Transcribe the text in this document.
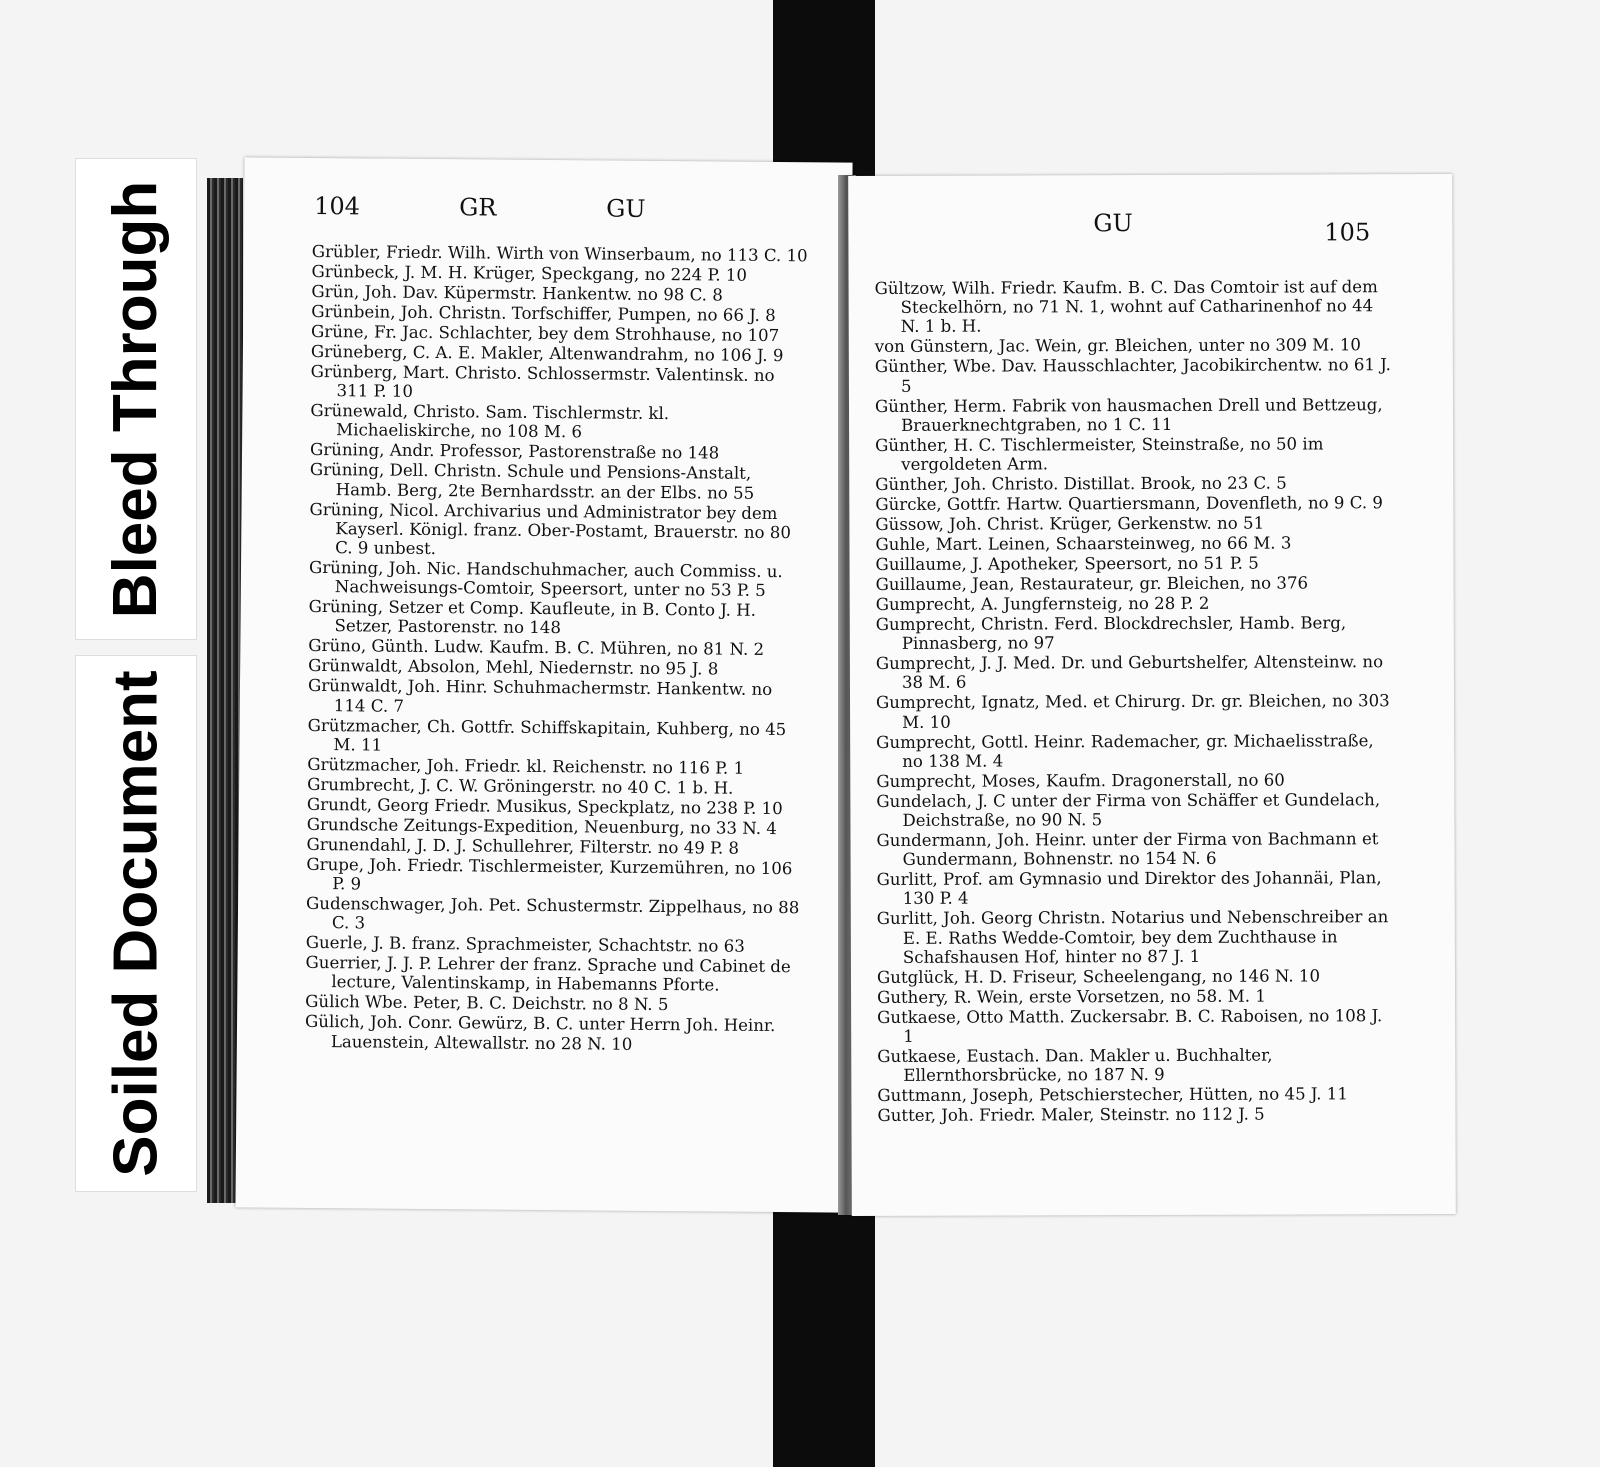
Bleed Through
Soiled Document
104	GR	GU
Grübler, Friedr. Wilh. Wirth von Winserbaum, no 113 C. 10
Grünbeck, J. M. H. Krüger, Speckgang, no 224 P. 10
Grün, Joh. Dav. Küpermstr. Hankentw. no 98 C. 8
Grünbein, Joh. Christn. Torfschiffer, Pumpen, no 66 J. 8
Grüne, Fr. Jac. Schlachter, bey dem Strohhause, no 107
Grüneberg, C. A. E. Makler, Altenwandrahm, no 106 J. 9
Grünberg, Mart. Christo. Schlossermstr. Valentinsk. no 311 P. 10
Grünewald, Christo. Sam. Tischlermstr. kl. Michaeliskirche, no 108 M. 6
Grüning, Andr. Professor, Pastorenstraße no 148
Grüning, Dell. Christn. Schule und Pensions-Anstalt, Hamb. Berg, 2te Bernhardsstr. an der Elbs. no 55
Grüning, Nicol. Archivarius und Administrator bey dem Kayserl. Königl. franz. Ober-Postamt, Brauerstr. no 80 C. 9 unbest.
Grüning, Joh. Nic. Handschuhmacher, auch Commiss. u. Nachweisungs-Comtoir, Speersort, unter no 53 P. 5
Grüning, Setzer et Comp. Kaufleute, in B. Conto J. H. Setzer, Pastorenstr. no 148
Grüno, Günth. Ludw. Kaufm. B. C. Mühren, no 81 N. 2
Grünwaldt, Absolon, Mehl, Niedernstr. no 95 J. 8
Grünwaldt, Joh. Hinr. Schuhmachermstr. Hankentw. no 114 C. 7
Grützmacher, Ch. Gottfr. Schiffskapitain, Kuhberg, no 45 M. 11
Grützmacher, Joh. Friedr. kl. Reichenstr. no 116 P. 1
Grumbrecht, J. C. W. Gröningerstr. no 40 C. 1 b. H.
Grundt, Georg Friedr. Musikus, Speckplatz, no 238 P. 10
Grundsche Zeitungs-Expedition, Neuenburg, no 33 N. 4
Grunendahl, J. D. J. Schullehrer, Filterstr. no 49 P. 8
Grupe, Joh. Friedr. Tischlermeister, Kurzemühren, no 106 P. 9
Gudenschwager, Joh. Pet. Schustermstr. Zippelhaus, no 88 C. 3
Guerle, J. B. franz. Sprachmeister, Schachtstr. no 63
Guerrier, J. J. P. Lehrer der franz. Sprache und Cabinet de lecture, Valentinskamp, in Habemanns Pforte.
Gülich Wbe. Peter, B. C. Deichstr. no 8 N. 5
Gülich, Joh. Conr. Gewürz, B. C. unter Herrn Joh. Heinr. Lauenstein, Altewallstr. no 28 N. 10
GU	105
Gültzow, Wilh. Friedr. Kaufm. B. C. Das Comtoir ist auf dem Steckelhörn, no 71 N. 1, wohnt auf Catharinenhof no 44 N. 1 b. H.
von Günstern, Jac. Wein, gr. Bleichen, unter no 309 M. 10
Günther, Wbe. Dav. Hausschlachter, Jacobikirchentw. no 61 J. 5
Günther, Herm. Fabrik von hausmachen Drell und Bettzeug, Brauerknechtgraben, no 1 C. 11
Günther, H. C. Tischlermeister, Steinstraße, no 50 im vergoldeten Arm.
Günther, Joh. Christo. Distillat. Brook, no 23 C. 5
Gürcke, Gottfr. Hartw. Quartiersmann, Dovenfleth, no 9 C. 9
Güssow, Joh. Christ. Krüger, Gerkenstw. no 51
Guhle, Mart. Leinen, Schaarsteinweg, no 66 M. 3
Guillaume, J. Apotheker, Speersort, no 51 P. 5
Guillaume, Jean, Restaurateur, gr. Bleichen, no 376
Gumprecht, A. Jungfernsteig, no 28 P. 2
Gumprecht, Christn. Ferd. Blockdrechsler, Hamb. Berg, Pinnasberg, no 97
Gumprecht, J. J. Med. Dr. und Geburtshelfer, Altensteinw. no 38 M. 6
Gumprecht, Ignatz, Med. et Chirurg. Dr. gr. Bleichen, no 303 M. 10
Gumprecht, Gottl. Heinr. Rademacher, gr. Michaelisstraße, no 138 M. 4
Gumprecht, Moses, Kaufm. Dragonerstall, no 60
Gundelach, J. C unter der Firma von Schäffer et Gundelach, Deichstraße, no 90 N. 5
Gundermann, Joh. Heinr. unter der Firma von Bachmann et Gundermann, Bohnenstr. no 154 N. 6
Gurlitt, Prof. am Gymnasio und Direktor des Johannäi, Plan, 130 P. 4
Gurlitt, Joh. Georg Christn. Notarius und Nebenschreiber an E. E. Raths Wedde-Comtoir, bey dem Zuchthause in Schafshausen Hof, hinter no 87 J. 1
Gutglück, H. D. Friseur, Scheelengang, no 146 N. 10
Guthery, R. Wein, erste Vorsetzen, no 58. M. 1
Gutkaese, Otto Matth. Zuckersabr. B. C. Raboisen, no 108 J. 1
Gutkaese, Eustach. Dan. Makler u. Buchhalter, Ellernthorsbrücke, no 187 N. 9
Guttmann, Joseph, Petschierstecher, Hütten, no 45 J. 11
Gutter, Joh. Friedr. Maler, Steinstr. no 112 J. 5
